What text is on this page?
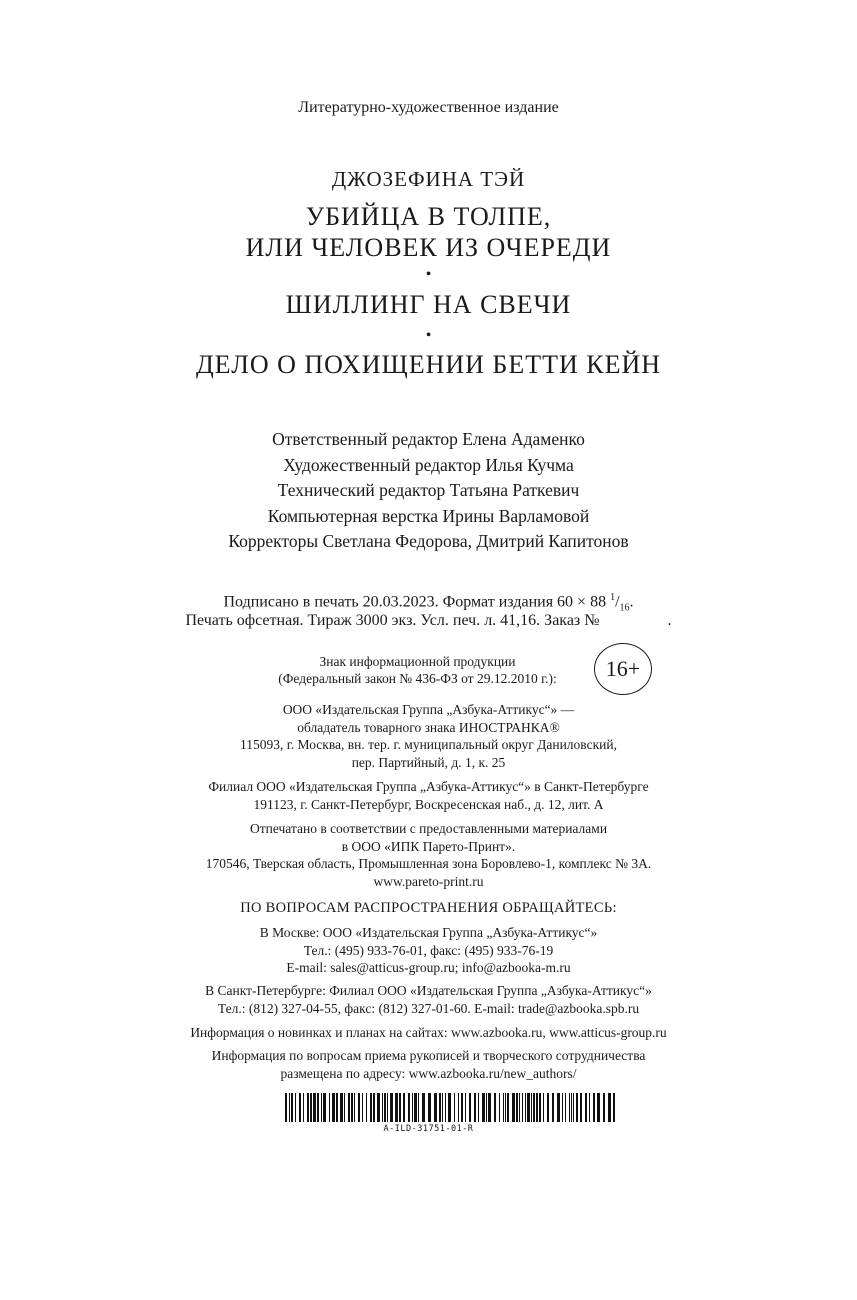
Литературно-художественное издание
ДЖОЗЕФИНА ТЭЙ
УБИЙЦА В ТОЛПЕ,
ИЛИ ЧЕЛОВЕК ИЗ ОЧЕРЕДИ
•
ШИЛЛИНГ НА СВЕЧИ
•
ДЕЛО О ПОХИЩЕНИИ БЕТТИ КЕЙН
Ответственный редактор Елена Адаменко
Художественный редактор Илья Кучма
Технический редактор Татьяна Раткевич
Компьютерная верстка Ирины Варламовой
Корректоры Светлана Федорова, Дмитрий Капитонов
Подписано в печать 20.03.2023. Формат издания 60 × 88 $^1/_{16}$.
Печать офсетная. Тираж 3000 экз. Усл. печ. л. 41,16. Заказ №	.
Знак информационной продукции
(Федеральный закон № 436-ФЗ от 29.12.2010 г.):	16+
ООО «Издательская Группа „Азбука-Аттикус“» —
обладатель товарного знака ИНОСТРАНКА®
115093, г. Москва, вн. тер. г. муниципальный округ Даниловский,
пер. Партийный, д. 1, к. 25
Филиал ООО «Издательская Группа „Азбука-Аттикус“» в Санкт-Петербурге
191123, г. Санкт-Петербург, Воскресенская наб., д. 12, лит. А
Отпечатано в соответствии с предоставленными материалами
в ООО «ИПК Парето-Принт».
170546, Тверская область, Промышленная зона Боровлево-1, комплекс № 3А.
www.pareto-print.ru
ПО ВОПРОСАМ РАСПРОСТРАНЕНИЯ ОБРАЩАЙТЕСЬ:
В Москве: ООО «Издательская Группа „Азбука-Аттикус“»
Тел.: (495) 933-76-01, факс: (495) 933-76-19
E-mail: sales@atticus-group.ru; info@azbooka-m.ru
В Санкт-Петербурге: Филиал ООО «Издательская Группа „Азбука-Аттикус“»
Тел.: (812) 327-04-55, факс: (812) 327-01-60. E-mail: trade@azbooka.spb.ru
Информация о новинках и планах на сайтах: www.azbooka.ru, www.atticus-group.ru
Информация по вопросам приема рукописей и творческого сотрудничества
размещена по адресу: www.azbooka.ru/new_authors/
A-ILD-31751-01-R
